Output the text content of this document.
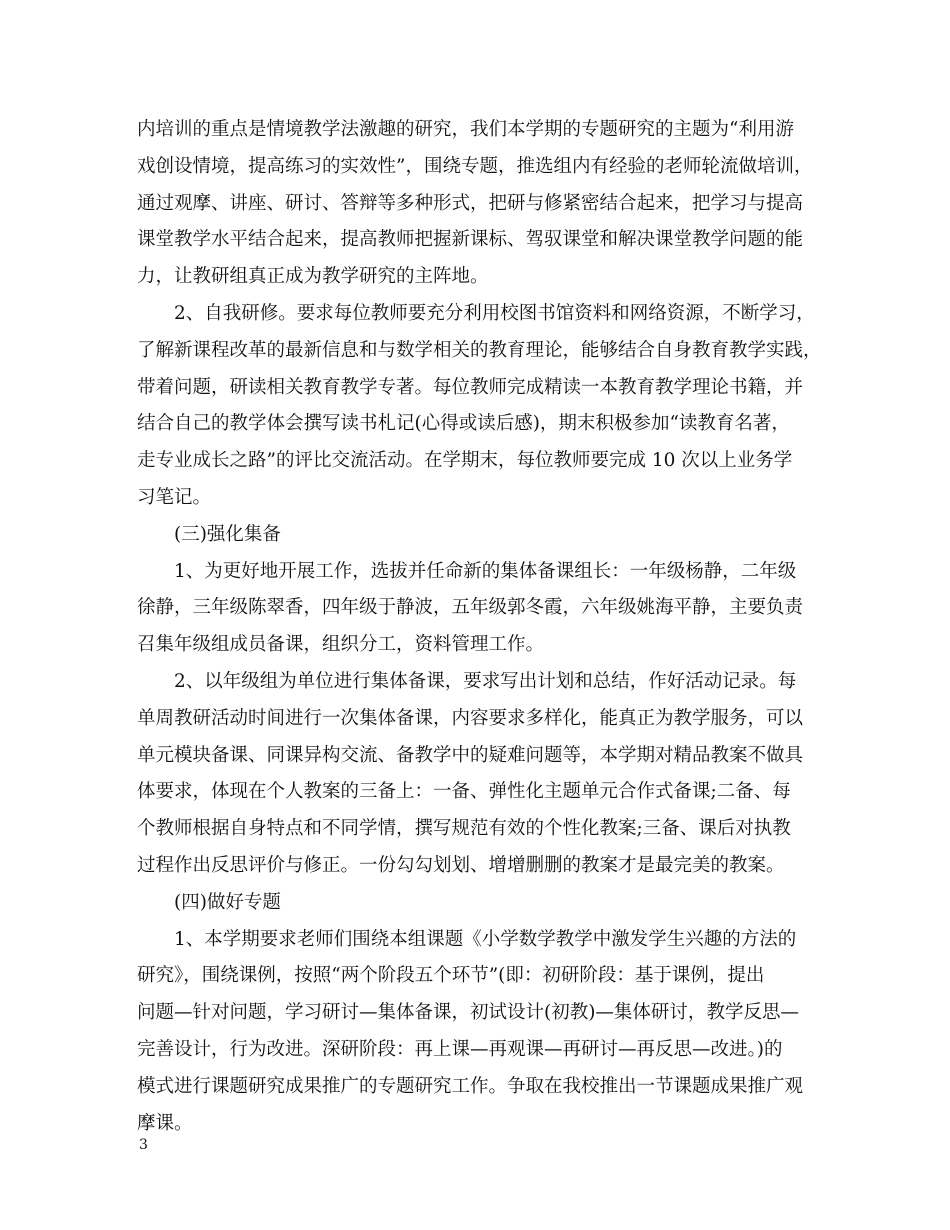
内培训的重点是情境教学法激趣的研究，我们本学期的专题研究的主题为“利用游
戏创设情境，提高练习的实效性”，围绕专题，推选组内有经验的老师轮流做培训，
通过观摩、讲座、研讨、答辩等多种形式，把研与修紧密结合起来，把学习与提高
课堂教学水平结合起来，提高教师把握新课标、驾驭课堂和解决课堂教学问题的能
力，让教研组真正成为教学研究的主阵地。
　　2、自我研修。要求每位教师要充分利用校图书馆资料和网络资源，不断学习，
了解新课程改革的最新信息和与数学相关的教育理论，能够结合自身教育教学实践，
带着问题，研读相关教育教学专著。每位教师完成精读一本教育教学理论书籍，并
结合自己的教学体会撰写读书札记(心得或读后感)，期末积极参加“读教育名著，
走专业成长之路”的评比交流活动。在学期末，每位教师要完成 10 次以上业务学
习笔记。
　　(三)强化集备
　　1、为更好地开展工作，选拔并任命新的集体备课组长：一年级杨静，二年级
徐静，三年级陈翠香，四年级于静波，五年级郭冬霞，六年级姚海平静，主要负责
召集年级组成员备课，组织分工，资料管理工作。
　　2、以年级组为单位进行集体备课，要求写出计划和总结，作好活动记录。每
单周教研活动时间进行一次集体备课，内容要求多样化，能真正为教学服务，可以
单元模块备课、同课异构交流、备教学中的疑难问题等，本学期对精品教案不做具
体要求，体现在个人教案的三备上：一备、弹性化主题单元合作式备课;二备、每
个教师根据自身特点和不同学情，撰写规范有效的个性化教案;三备、课后对执教
过程作出反思评价与修正。一份勾勾划划、增增删删的教案才是最完美的教案。
　　(四)做好专题
　　1、本学期要求老师们围绕本组课题《小学数学教学中激发学生兴趣的方法的
研究》，围绕课例，按照“两个阶段五个环节”(即：初研阶段：基于课例，提出
问题—针对问题，学习研讨—集体备课，初试设计(初教)—集体研讨，教学反思—
完善设计，行为改进。深研阶段：再上课—再观课—再研讨—再反思—改进。)的
模式进行课题研究成果推广的专题研究工作。争取在我校推出一节课题成果推广观
摩课。
3
